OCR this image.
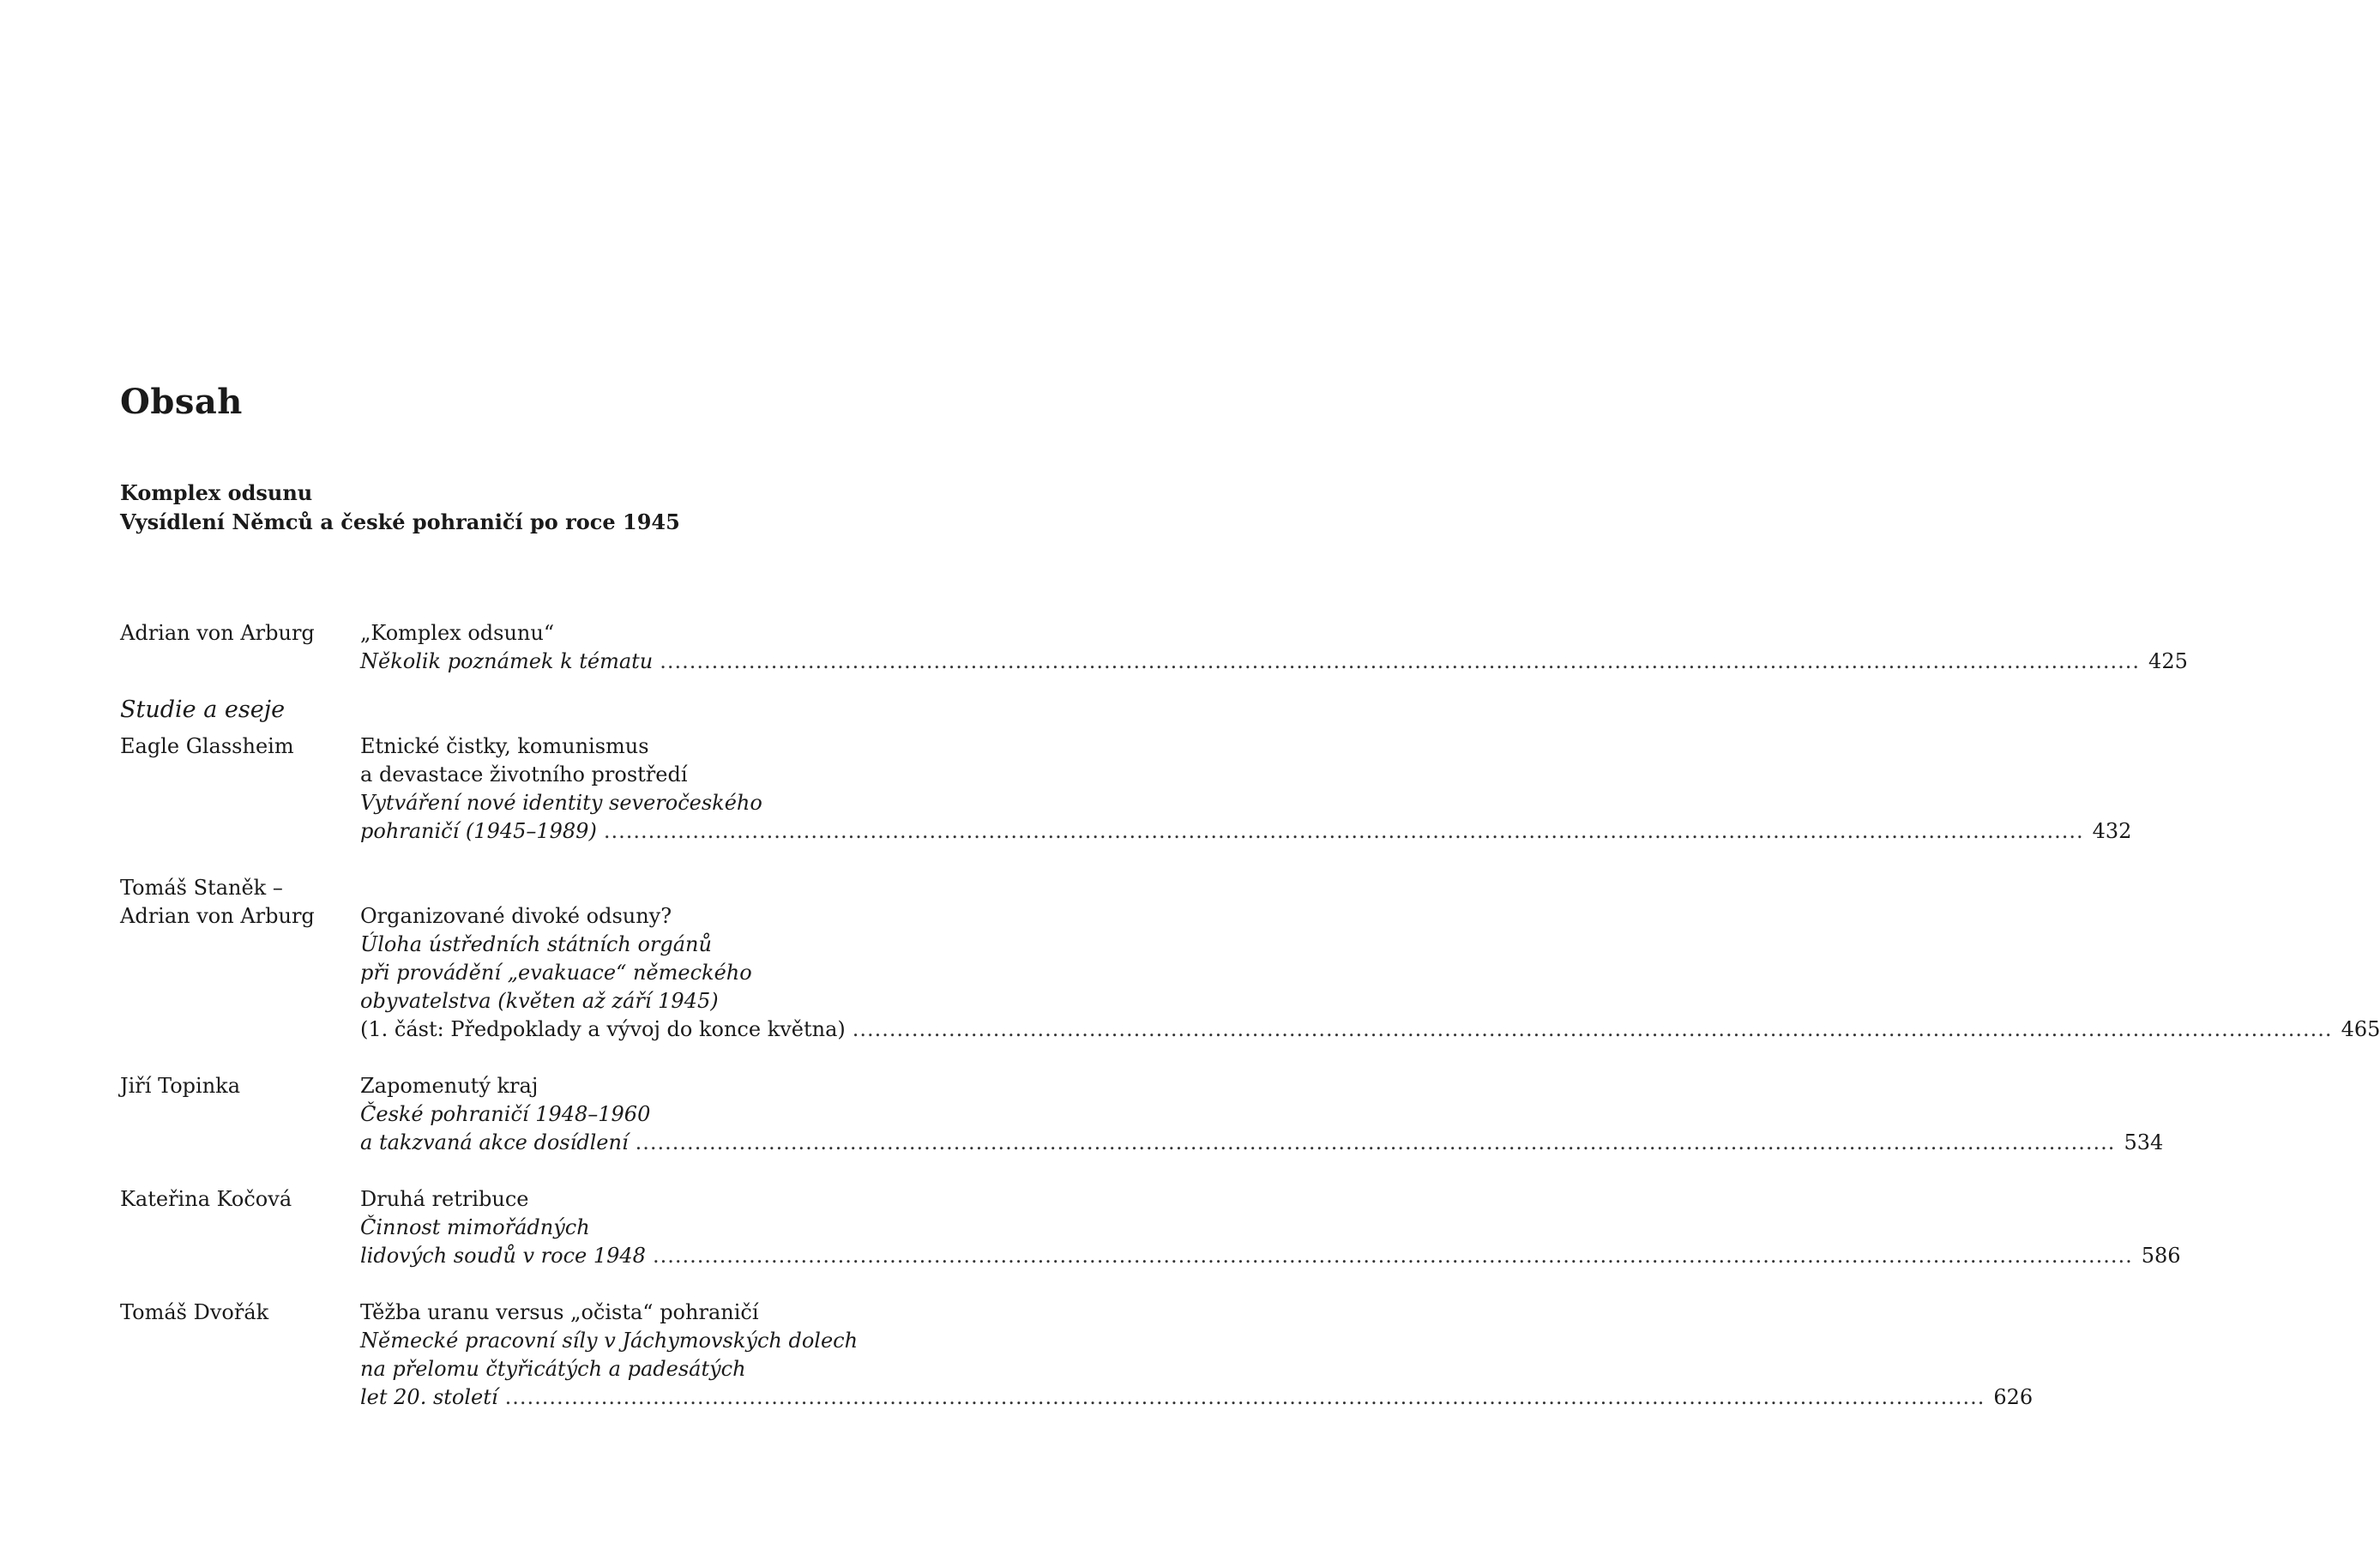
Obsah
Komplex odsunu
Vysídlení Němců a české pohraničí po roce 1945
Adrian von Arburg	„Komplex odsunu“
Několik poznámek k tématu ........................................................................................................................................................................................................ 425
Studie a eseje
Eagle Glassheim	Etnické čistky, komunismus
a devastace životního prostředí
Vytváření nové identity severočeského
pohraničí (1945–1989) ........................................................................................................................................................................................................ 432
Tomáš Staněk –
Adrian von Arburg
	Organizované divoké odsuny?
Úloha ústředních státních orgánů
při provádění „evakuace“ německého
obyvatelstva (květen až září 1945)
(1. část: Předpoklady a vývoj do konce května) ........................................................................................................................................................................................................ 465
Jiří Topinka	Zapomenutý kraj
České pohraničí 1948–1960
a takzvaná akce dosídlení ........................................................................................................................................................................................................ 534
Kateřina Kočová	Druhá retribuce
Činnost mimořádných
lidových soudů v roce 1948 ........................................................................................................................................................................................................ 586
Tomáš Dvořák	Těžba uranu versus „očista“ pohraničí
Německé pracovní síly v Jáchymovských dolech
na přelomu čtyřicátých a padesátých
let 20. století ........................................................................................................................................................................................................ 626
